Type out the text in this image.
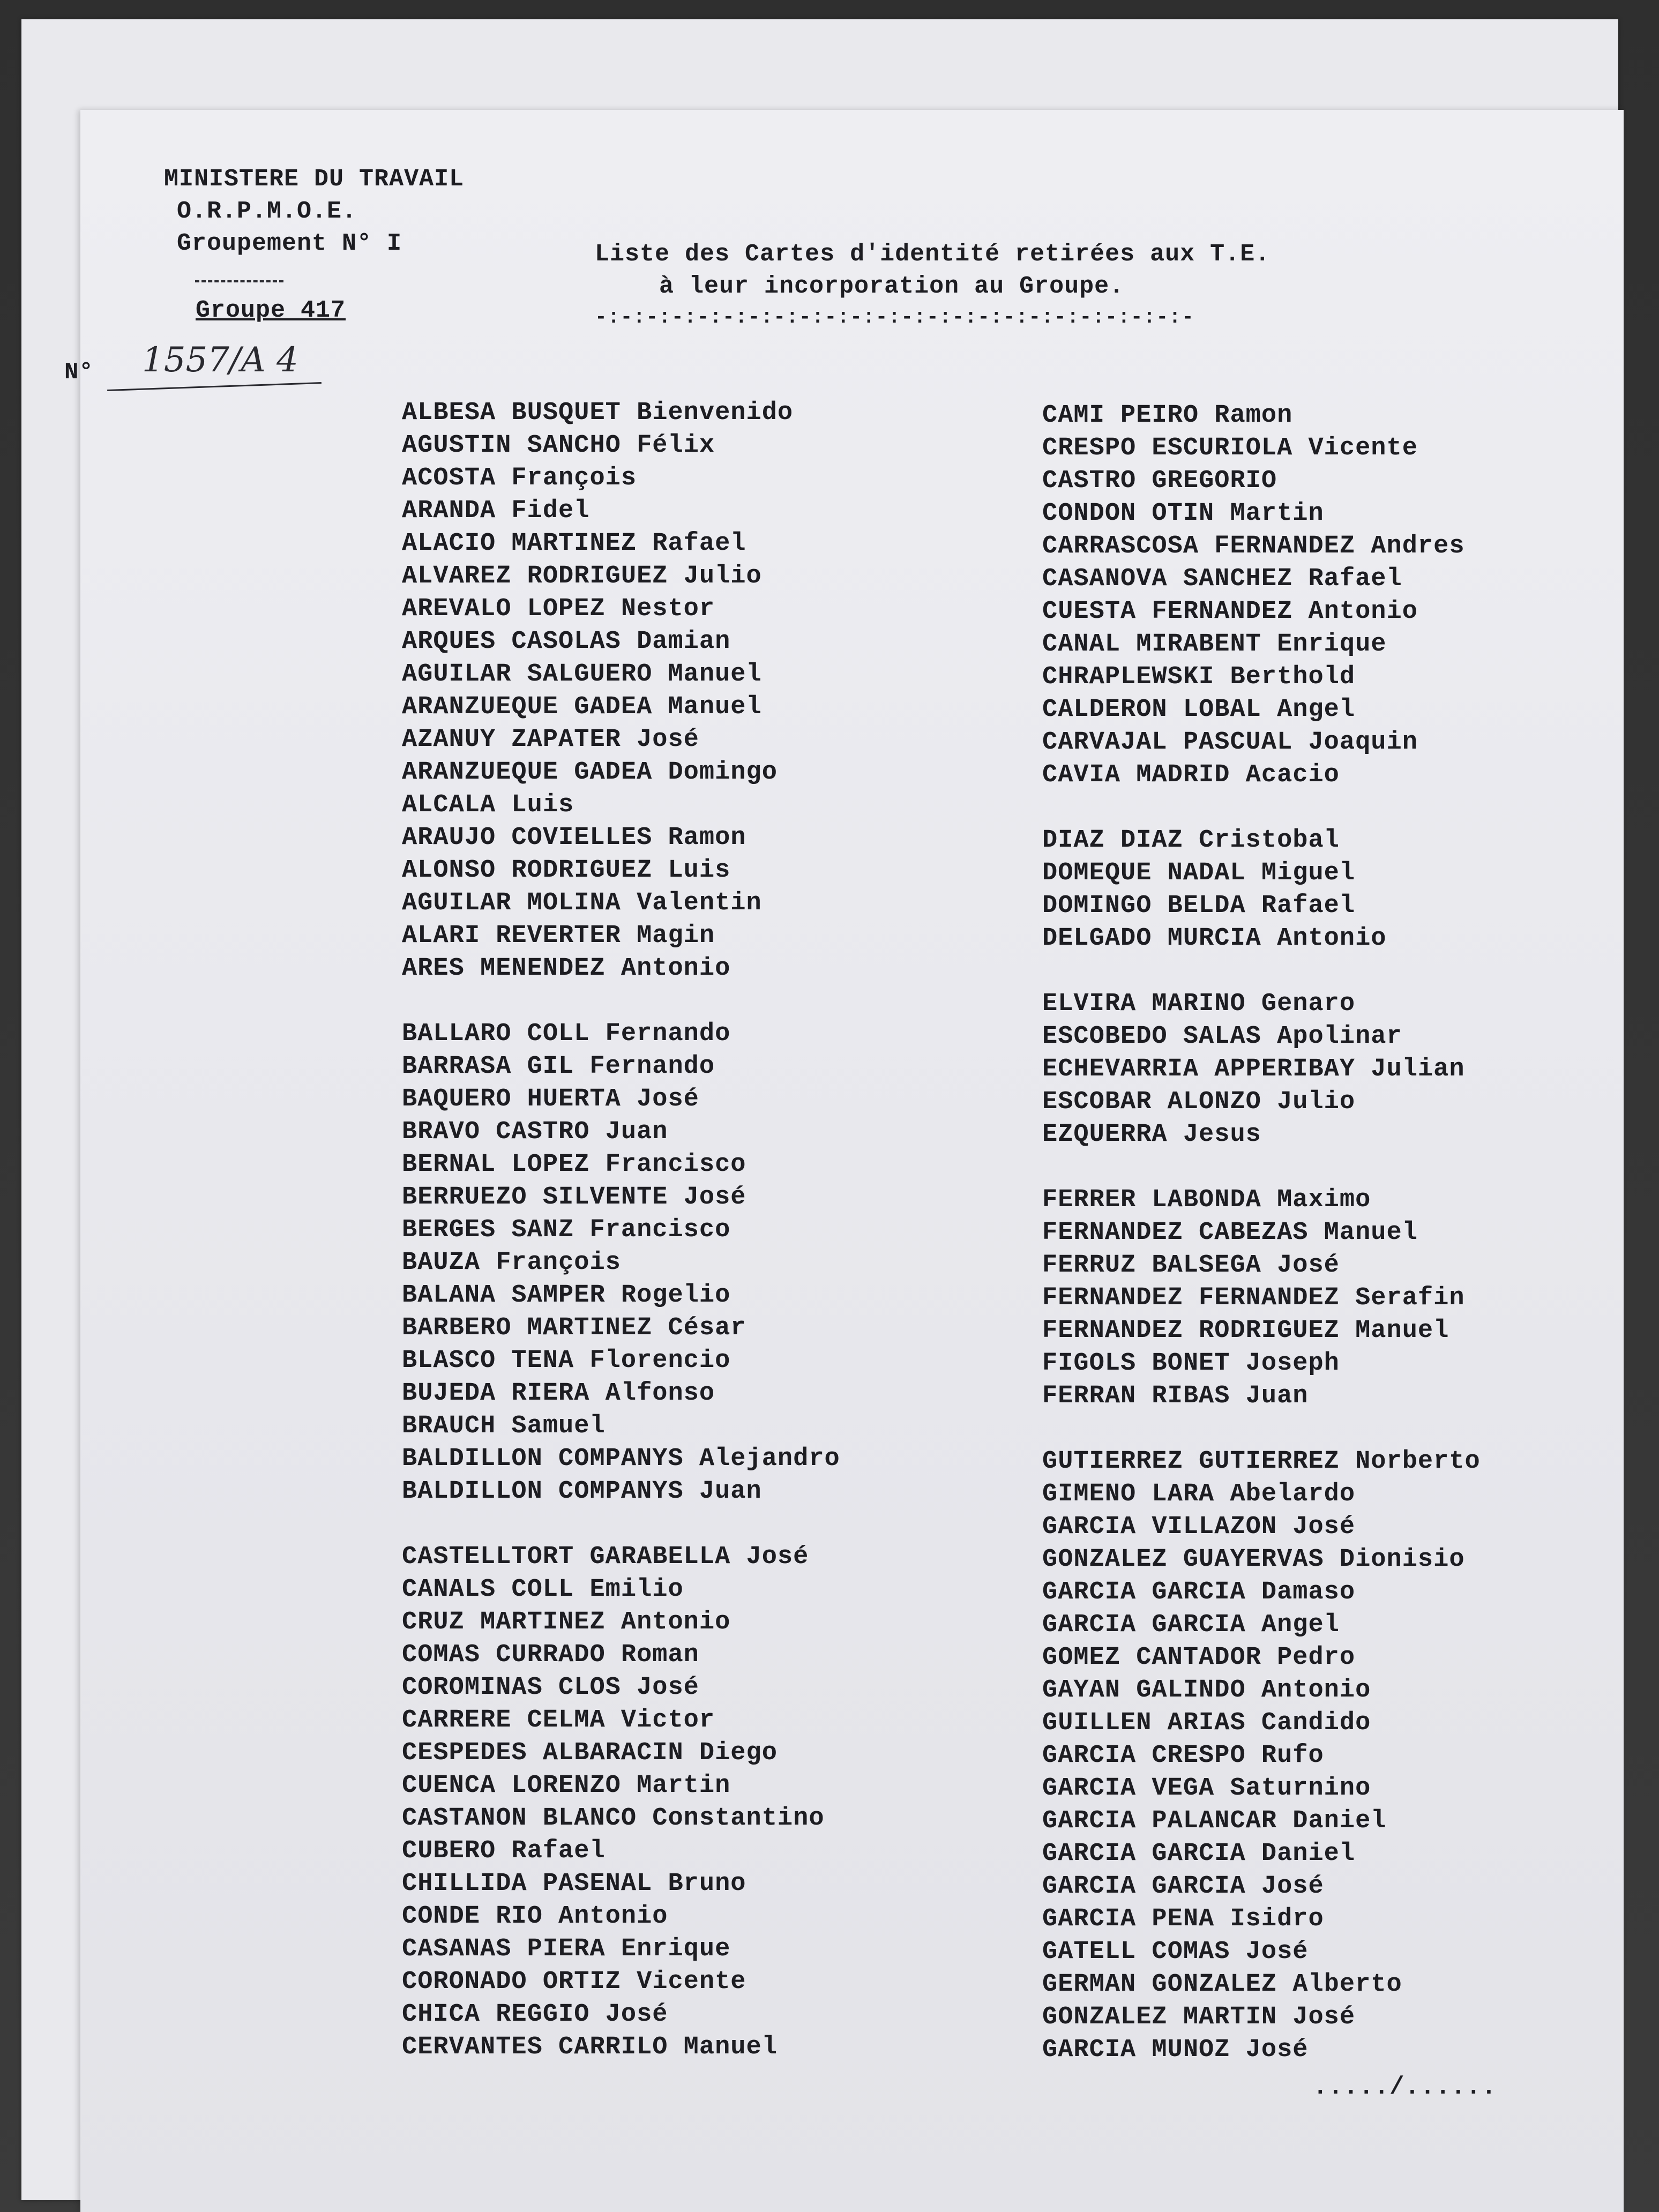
MINISTERE DU TRAVAIL
O.R.P.M.O.E.
Groupement N° I
Groupe 417
Liste des Cartes d'identité retirées aux T.E.
à leur incorporation au Groupe.
-:-:-:-:-:-:-:-:-:-:-:-:-:-:-:-:-:-:-:-:-:-:-:-
N° 1557/A 4
ALBESA BUSQUET Bienvenido
AGUSTIN SANCHO Félix
ACOSTA François
ARANDA Fidel
ALACIO MARTINEZ Rafael
ALVAREZ RODRIGUEZ Julio
AREVALO LOPEZ Nestor
ARQUES CASOLAS Damian
AGUILAR SALGUERO Manuel
ARANZUEQUE GADEA Manuel
AZANUY ZAPATER José
ARANZUEQUE GADEA Domingo
ALCALA Luis
ARAUJO COVIELLES Ramon
ALONSO RODRIGUEZ Luis
AGUILAR MOLINA Valentin
ALARI REVERTER Magin
ARES MENENDEZ Antonio
BALLARO COLL Fernando
BARRASA GIL Fernando
BAQUERO HUERTA José
BRAVO CASTRO Juan
BERNAL LOPEZ Francisco
BERRUEZO SILVENTE José
BERGES SANZ Francisco
BAUZA François
BALANA SAMPER Rogelio
BARBERO MARTINEZ César
BLASCO TENA Florencio
BUJEDA RIERA Alfonso
BRAUCH Samuel
BALDILLON COMPANYS Alejandro
BALDILLON COMPANYS Juan
CASTELLTORT GARABELLA José
CANALS COLL Emilio
CRUZ MARTINEZ Antonio
COMAS CURRADO Roman
COROMINAS CLOS José
CARRERE CELMA Victor
CESPEDES ALBARACIN Diego
CUENCA LORENZO Martin
CASTANON BLANCO Constantino
CUBERO Rafael
CHILLIDA PASENAL Bruno
CONDE RIO Antonio
CASANAS PIERA Enrique
CORONADO ORTIZ Vicente
CHICA REGGIO José
CERVANTES CARRILO Manuel
CAMI PEIRO Ramon
CRESPO ESCURIOLA Vicente
CASTRO GREGORIO
CONDON OTIN Martin
CARRASCOSA FERNANDEZ Andres
CASANOVA SANCHEZ Rafael
CUESTA FERNANDEZ Antonio
CANAL MIRABENT Enrique
CHRAPLEWSKI Berthold
CALDERON LOBAL Angel
CARVAJAL PASCUAL Joaquin
CAVIA MADRID Acacio
DIAZ DIAZ Cristobal
DOMEQUE NADAL Miguel
DOMINGO BELDA Rafael
DELGADO MURCIA Antonio
ELVIRA MARINO Genaro
ESCOBEDO SALAS Apolinar
ECHEVARRIA APPERIBAY Julian
ESCOBAR ALONZO Julio
EZQUERRA Jesus
FERRER LABONDA Maximo
FERNANDEZ CABEZAS Manuel
FERRUZ BALSEGA José
FERNANDEZ FERNANDEZ Serafin
FERNANDEZ RODRIGUEZ Manuel
FIGOLS BONET Joseph
FERRAN RIBAS Juan
GUTIERREZ GUTIERREZ Norberto
GIMENO LARA Abelardo
GARCIA VILLAZON José
GONZALEZ GUAYERVAS Dionisio
GARCIA GARCIA Damaso
GARCIA GARCIA Angel
GOMEZ CANTADOR Pedro
GAYAN GALINDO Antonio
GUILLEN ARIAS Candido
GARCIA CRESPO Rufo
GARCIA VEGA Saturnino
GARCIA PALANCAR Daniel
GARCIA GARCIA Daniel
GARCIA GARCIA José
GARCIA PENA Isidro
GATELL COMAS José
GERMAN GONZALEZ Alberto
GONZALEZ MARTIN José
GARCIA MUNOZ José
...../......
